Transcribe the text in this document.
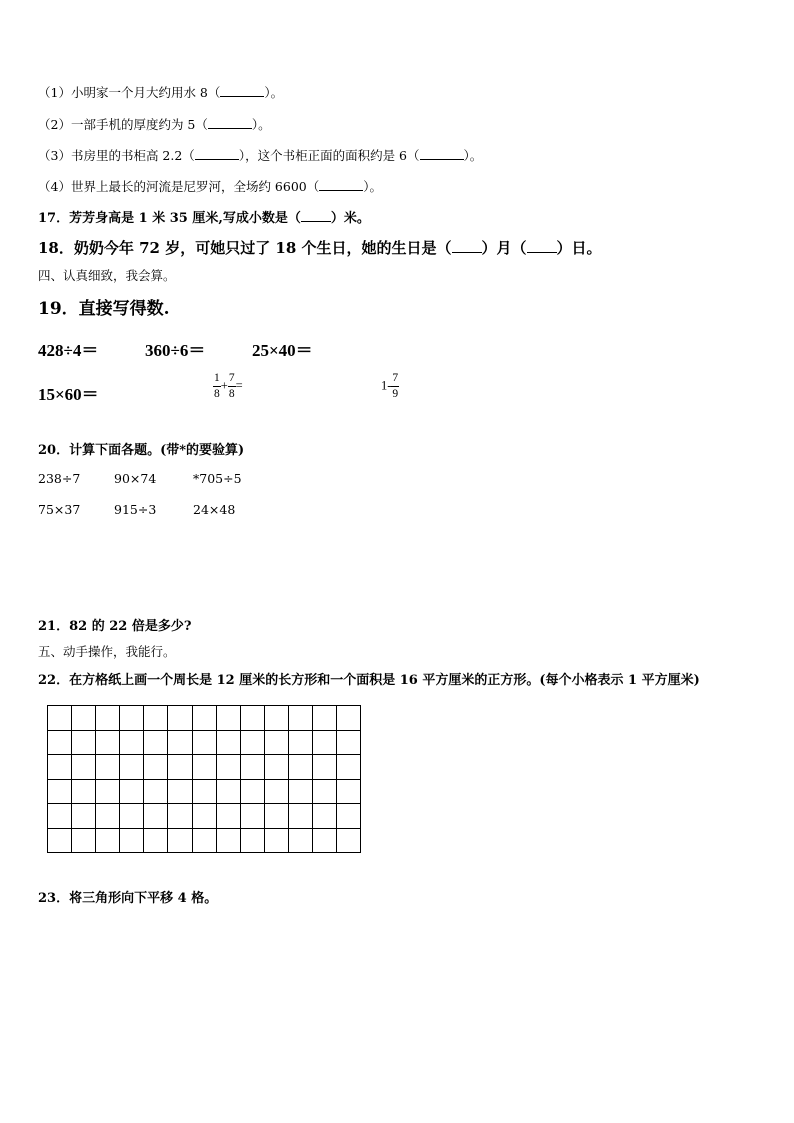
（1）小明家一个月大约用水 8（	）。
（2）一部手机的厚度约为 5（	）。
（3）书房里的书柜高 2.2（	），这个书柜正面的面积约是 6（	）。
（4）世界上最长的河流是尼罗河，全场约 6600（	）。
17．芳芳身高是 1 米 35 厘米,写成小数是（ ）米。
18．奶奶今年 72 岁，可她只过了 18 个生日，她的生日是（ ）月（ ）日。
四、认真细致，我会算。
19．直接写得数.
428÷4＝	360÷6＝	25×40＝
15×60＝	$\frac{1}{8} + \frac{7}{8}$ =	$1- \frac{7}{9}$
20．计算下面各题。(带*的要验算)
238÷7	90×74	*705÷5
75×37	915÷3	24×48
21．82 的 22 倍是多少?
五、动手操作，我能行。
22．在方格纸上画一个周长是 12 厘米的长方形和一个面积是 16 平方厘米的正方形。(每个小格表示 1 平方厘米)
23．将三角形向下平移 4 格。
